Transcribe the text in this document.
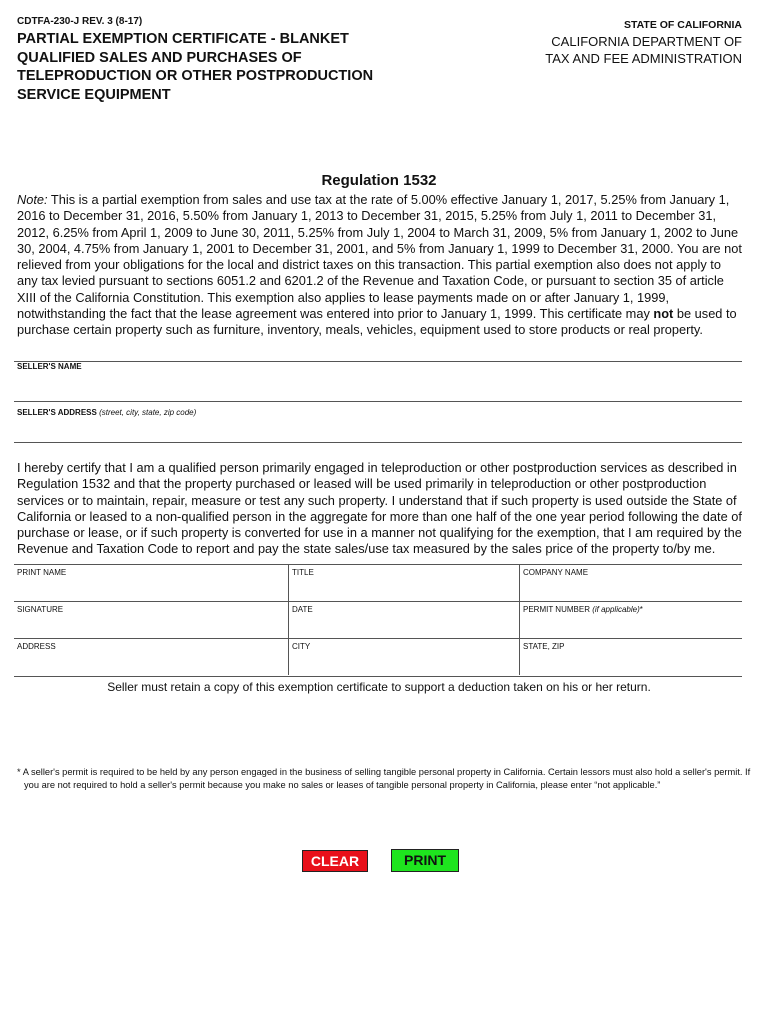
CDTFA-230-J REV. 3 (8-17)
PARTIAL EXEMPTION CERTIFICATE - BLANKET QUALIFIED SALES AND PURCHASES OF TELEPRODUCTION OR OTHER POSTPRODUCTION SERVICE EQUIPMENT
STATE OF CALIFORNIA
CALIFORNIA DEPARTMENT OF
TAX AND FEE ADMINISTRATION
Regulation 1532

Note: This is a partial exemption from sales and use tax at the rate of 5.00% effective January 1, 2017, 5.25% from January 1, 2016 to December 31, 2016, 5.50% from January 1, 2013 to December 31, 2015, 5.25% from July 1, 2011 to December 31, 2012, 6.25% from April 1, 2009 to June 30, 2011, 5.25% from July 1, 2004 to March 31, 2009, 5% from January 1, 2002 to June 30, 2004, 4.75% from January 1, 2001 to December 31, 2001, and 5% from January 1, 1999 to December 31, 2000. You are not relieved from your obligations for the local and district taxes on this transaction. This partial exemption also does not apply to any tax levied pursuant to sections 6051.2 and 6201.2 of the Revenue and Taxation Code, or pursuant to section 35 of article XIII of the California Constitution. This exemption also applies to lease payments made on or after January 1, 1999, notwithstanding the fact that the lease agreement was entered into prior to January 1, 1999. This certificate may not be used to purchase certain property such as furniture, inventory, meals, vehicles, equipment used to store products or real property.

SELLER'S NAME
SELLER'S ADDRESS (street, city, state, zip code)

I hereby certify that I am a qualified person primarily engaged in teleproduction or other postproduction services as described in Regulation 1532 and that the property purchased or leased will be used primarily in teleproduction or other postproduction services or to maintain, repair, measure or test any such property. I understand that if such property is used outside the State of California or leased to a non-qualified person in the aggregate for more than one half of the one year period following the date of purchase or lease, or if such property is converted for use in a manner not qualifying for the exemption, that I am required by the Revenue and Taxation Code to report and pay the state sales/use tax measured by the sales price of the property to/by me.

PRINT NAME	TITLE	COMPANY NAME
SIGNATURE	DATE	PERMIT NUMBER (if applicable)*
ADDRESS	CITY	STATE, ZIP
Seller must retain a copy of this exemption certificate to support a deduction taken on his or her return.
* A seller's permit is required to be held by any person engaged in the business of selling tangible personal property in California. Certain lessors must also hold a seller's permit. If you are not required to hold a seller's permit because you make no sales or leases of tangible personal property in California, please enter “not applicable.”
CLEAR	PRINT
